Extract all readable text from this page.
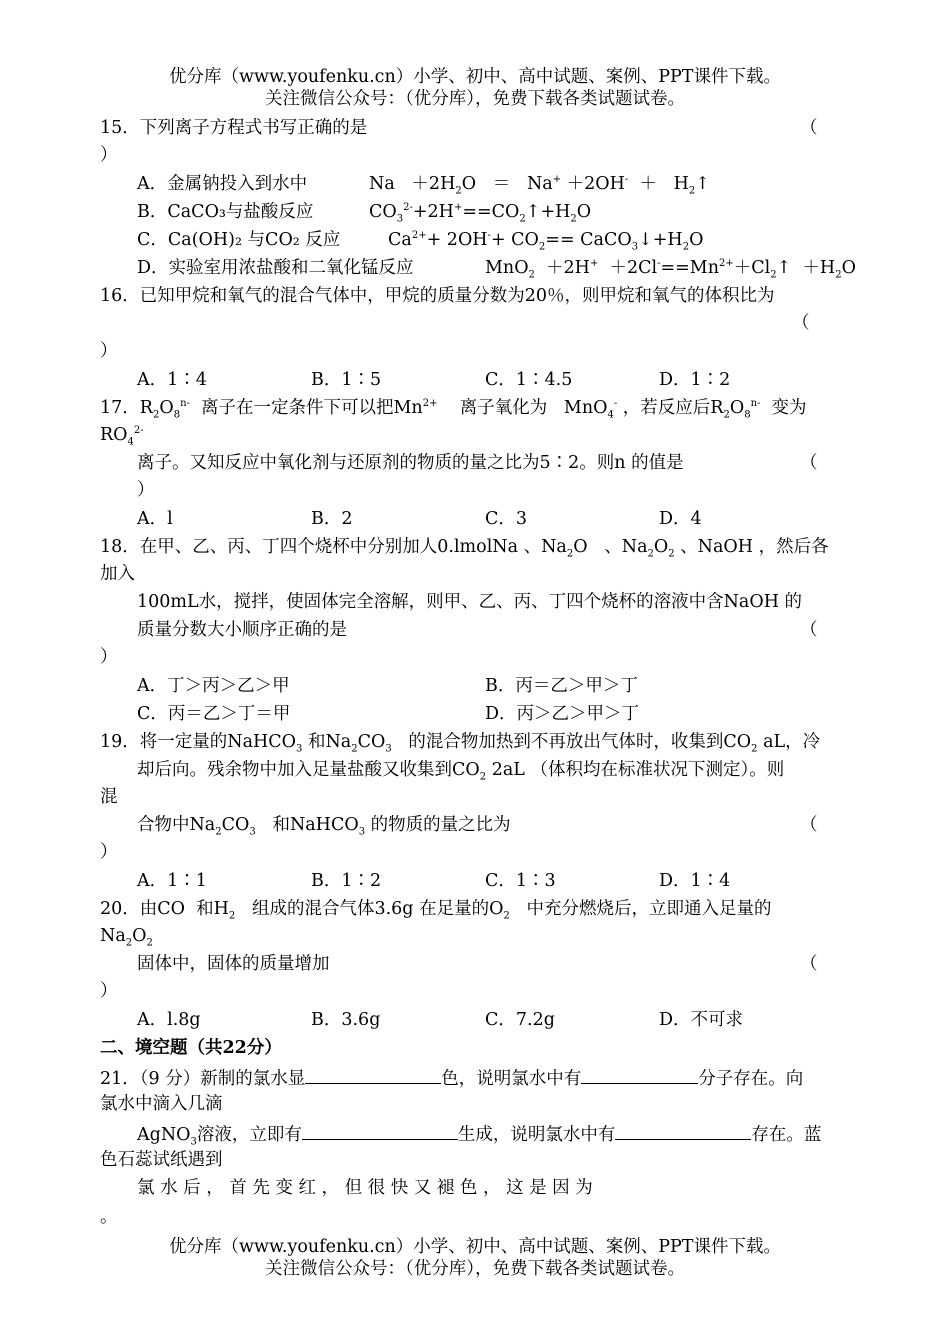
优分库（www.youfenku.cn）小学、初中、高中试题、案例、PPT课件下载。
关注微信公众号：（优分库），免费下载各类试题试卷。
15．下列离子方程式书写正确的是	（
）
A．金属钠投入到水中	$Na +2H_2O = Na^+ +2OH^-$  ＋   $H_2↑$
B．CaCO₃与盐酸反应	$CO_3^{2-}+2H^+==CO_2↑+H_2O$
C．Ca(OH)₂ 与CO₂ 反应	$Ca^{2+}+ 2OH^-+ CO_2==$ $CaCO_3↓+H_2O$
D．实验室用浓盐酸和二氧化锰反应	$MnO_2 +2H^+ +2Cl^-==Mn^{2+}+Cl_2↑ +H_2O$
16．已知甲烷和氧气的混合气体中，甲烷的质量分数为20％，则甲烷和氧气的体积比为
（
）
A．1∶4	B．1∶5	C．1∶4.5	D．1∶2
17．$R_2O_8^{n-}$  离子在一定条件下可以把$Mn^{2+}$    离子氧化为   MnO$_4$- ，若反应后$R_2O_8^{n-}$  变为
$RO_4^{2-}$
离子。又知反应中氧化剂与还原剂的物质的量之比为5∶2。则n 的值是	（
）
A．l	B．2	C．3	D．4
18．在甲、乙、丙、丁四个烧杯中分别加人0.lmolNa 、$Na_2O$   、$Na_2O_2$ 、NaOH ，然后各
加入
100mL水，搅拌，使固体完全溶解，则甲、乙、丙、丁四个烧杯的溶液中含NaOH 的
质量分数大小顺序正确的是	（
）
A．丁＞丙＞乙＞甲	B．丙＝乙＞甲＞丁
C．丙＝乙＞丁＝甲	D．丙＞乙＞甲＞丁
19．将一定量的NaHCO$_3$ 和$Na_2CO_3$   的混合物加热到不再放出气体时，收集到$CO_2$ aL，冷
却后向。残余物中加入足量盐酸又收集到$CO_2$ 2aL （体积均在标准状况下测定）。则
混
合物中$Na_2CO_3$   和NaHCO$_3$ 的物质的量之比为	（
）
A．1∶1	B．1∶2	C．1∶3	D．1∶4
20．由CO  和$H_2$   组成的混合气体3.6g 在足量的$O_2$   中充分燃烧后，立即通入足量的
$Na_2O_2$
固体中，固体的质量增加	（
）
A．l.8g	B．3.6g	C．7.2g	D．不可求
二、境空题（共22分）
21．（9 分）新制的氯水显	色，说明氯水中有	分子存在。向
氯水中滴入几滴
AgNO$_3$溶液，立即有	生成，说明氯水中有	存在。蓝
色石蕊试纸遇到
氯 水 后 ， 首 先 变 红 ， 但 很 快 又 褪 色 ， 这 是 因 为
。
优分库（www.youfenku.cn）小学、初中、高中试题、案例、PPT课件下载。
关注微信公众号：（优分库），免费下载各类试题试卷。
